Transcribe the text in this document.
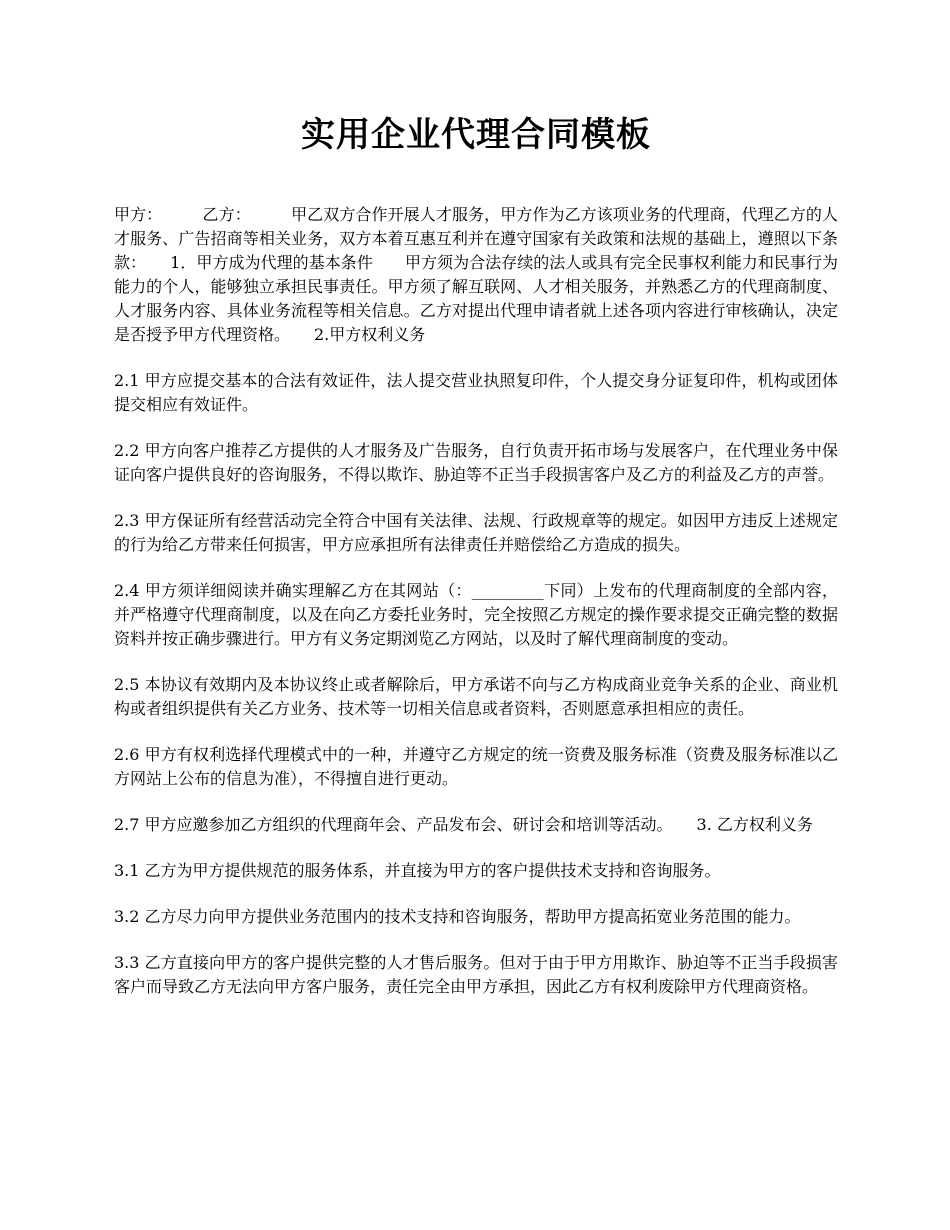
实用企业代理合同模板

甲方：　　　乙方：　　　甲乙双方合作开展人才服务，甲方作为乙方该项业务的代理商，代理乙方的人才服务、广告招商等相关业务，双方本着互惠互利并在遵守国家有关政策和法规的基础上，遵照以下条款：　　1．甲方成为代理的基本条件　　甲方须为合法存续的法人或具有完全民事权利能力和民事行为能力的个人，能够独立承担民事责任。甲方须了解互联网、人才相关服务，并熟悉乙方的代理商制度、人才服务内容、具体业务流程等相关信息。乙方对提出代理申请者就上述各项内容进行审核确认，决定是否授予甲方代理资格。　　2.甲方权利义务

2.1 甲方应提交基本的合法有效证件，法人提交营业执照复印件，个人提交身分证复印件，机构或团体提交相应有效证件。

2.2 甲方向客户推荐乙方提供的人才服务及广告服务，自行负责开拓市场与发展客户，在代理业务中保证向客户提供良好的咨询服务，不得以欺诈、胁迫等不正当手段损害客户及乙方的利益及乙方的声誉。

2.3 甲方保证所有经营活动完全符合中国有关法律、法规、行政规章等的规定。如因甲方违反上述规定的行为给乙方带来任何损害，甲方应承担所有法律责任并赔偿给乙方造成的损失。

2.4 甲方须详细阅读并确实理解乙方在其网站（：_________下同）上发布的代理商制度的全部内容，并严格遵守代理商制度，以及在向乙方委托业务时，完全按照乙方规定的操作要求提交正确完整的数据资料并按正确步骤进行。甲方有义务定期浏览乙方网站，以及时了解代理商制度的变动。

2.5 本协议有效期内及本协议终止或者解除后，甲方承诺不向与乙方构成商业竞争关系的企业、商业机构或者组织提供有关乙方业务、技术等一切相关信息或者资料，否则愿意承担相应的责任。

2.6 甲方有权利选择代理模式中的一种，并遵守乙方规定的统一资费及服务标准（资费及服务标准以乙方网站上公布的信息为准），不得擅自进行更动。

2.7 甲方应邀参加乙方组织的代理商年会、产品发布会、研讨会和培训等活动。　　3. 乙方权利义务

3.1 乙方为甲方提供规范的服务体系，并直接为甲方的客户提供技术支持和咨询服务。

3.2 乙方尽力向甲方提供业务范围内的技术支持和咨询服务，帮助甲方提高拓宽业务范围的能力。

3.3 乙方直接向甲方的客户提供完整的人才售后服务。但对于由于甲方用欺诈、胁迫等不正当手段损害客户而导致乙方无法向甲方客户服务，责任完全由甲方承担，因此乙方有权利废除甲方代理商资格。
